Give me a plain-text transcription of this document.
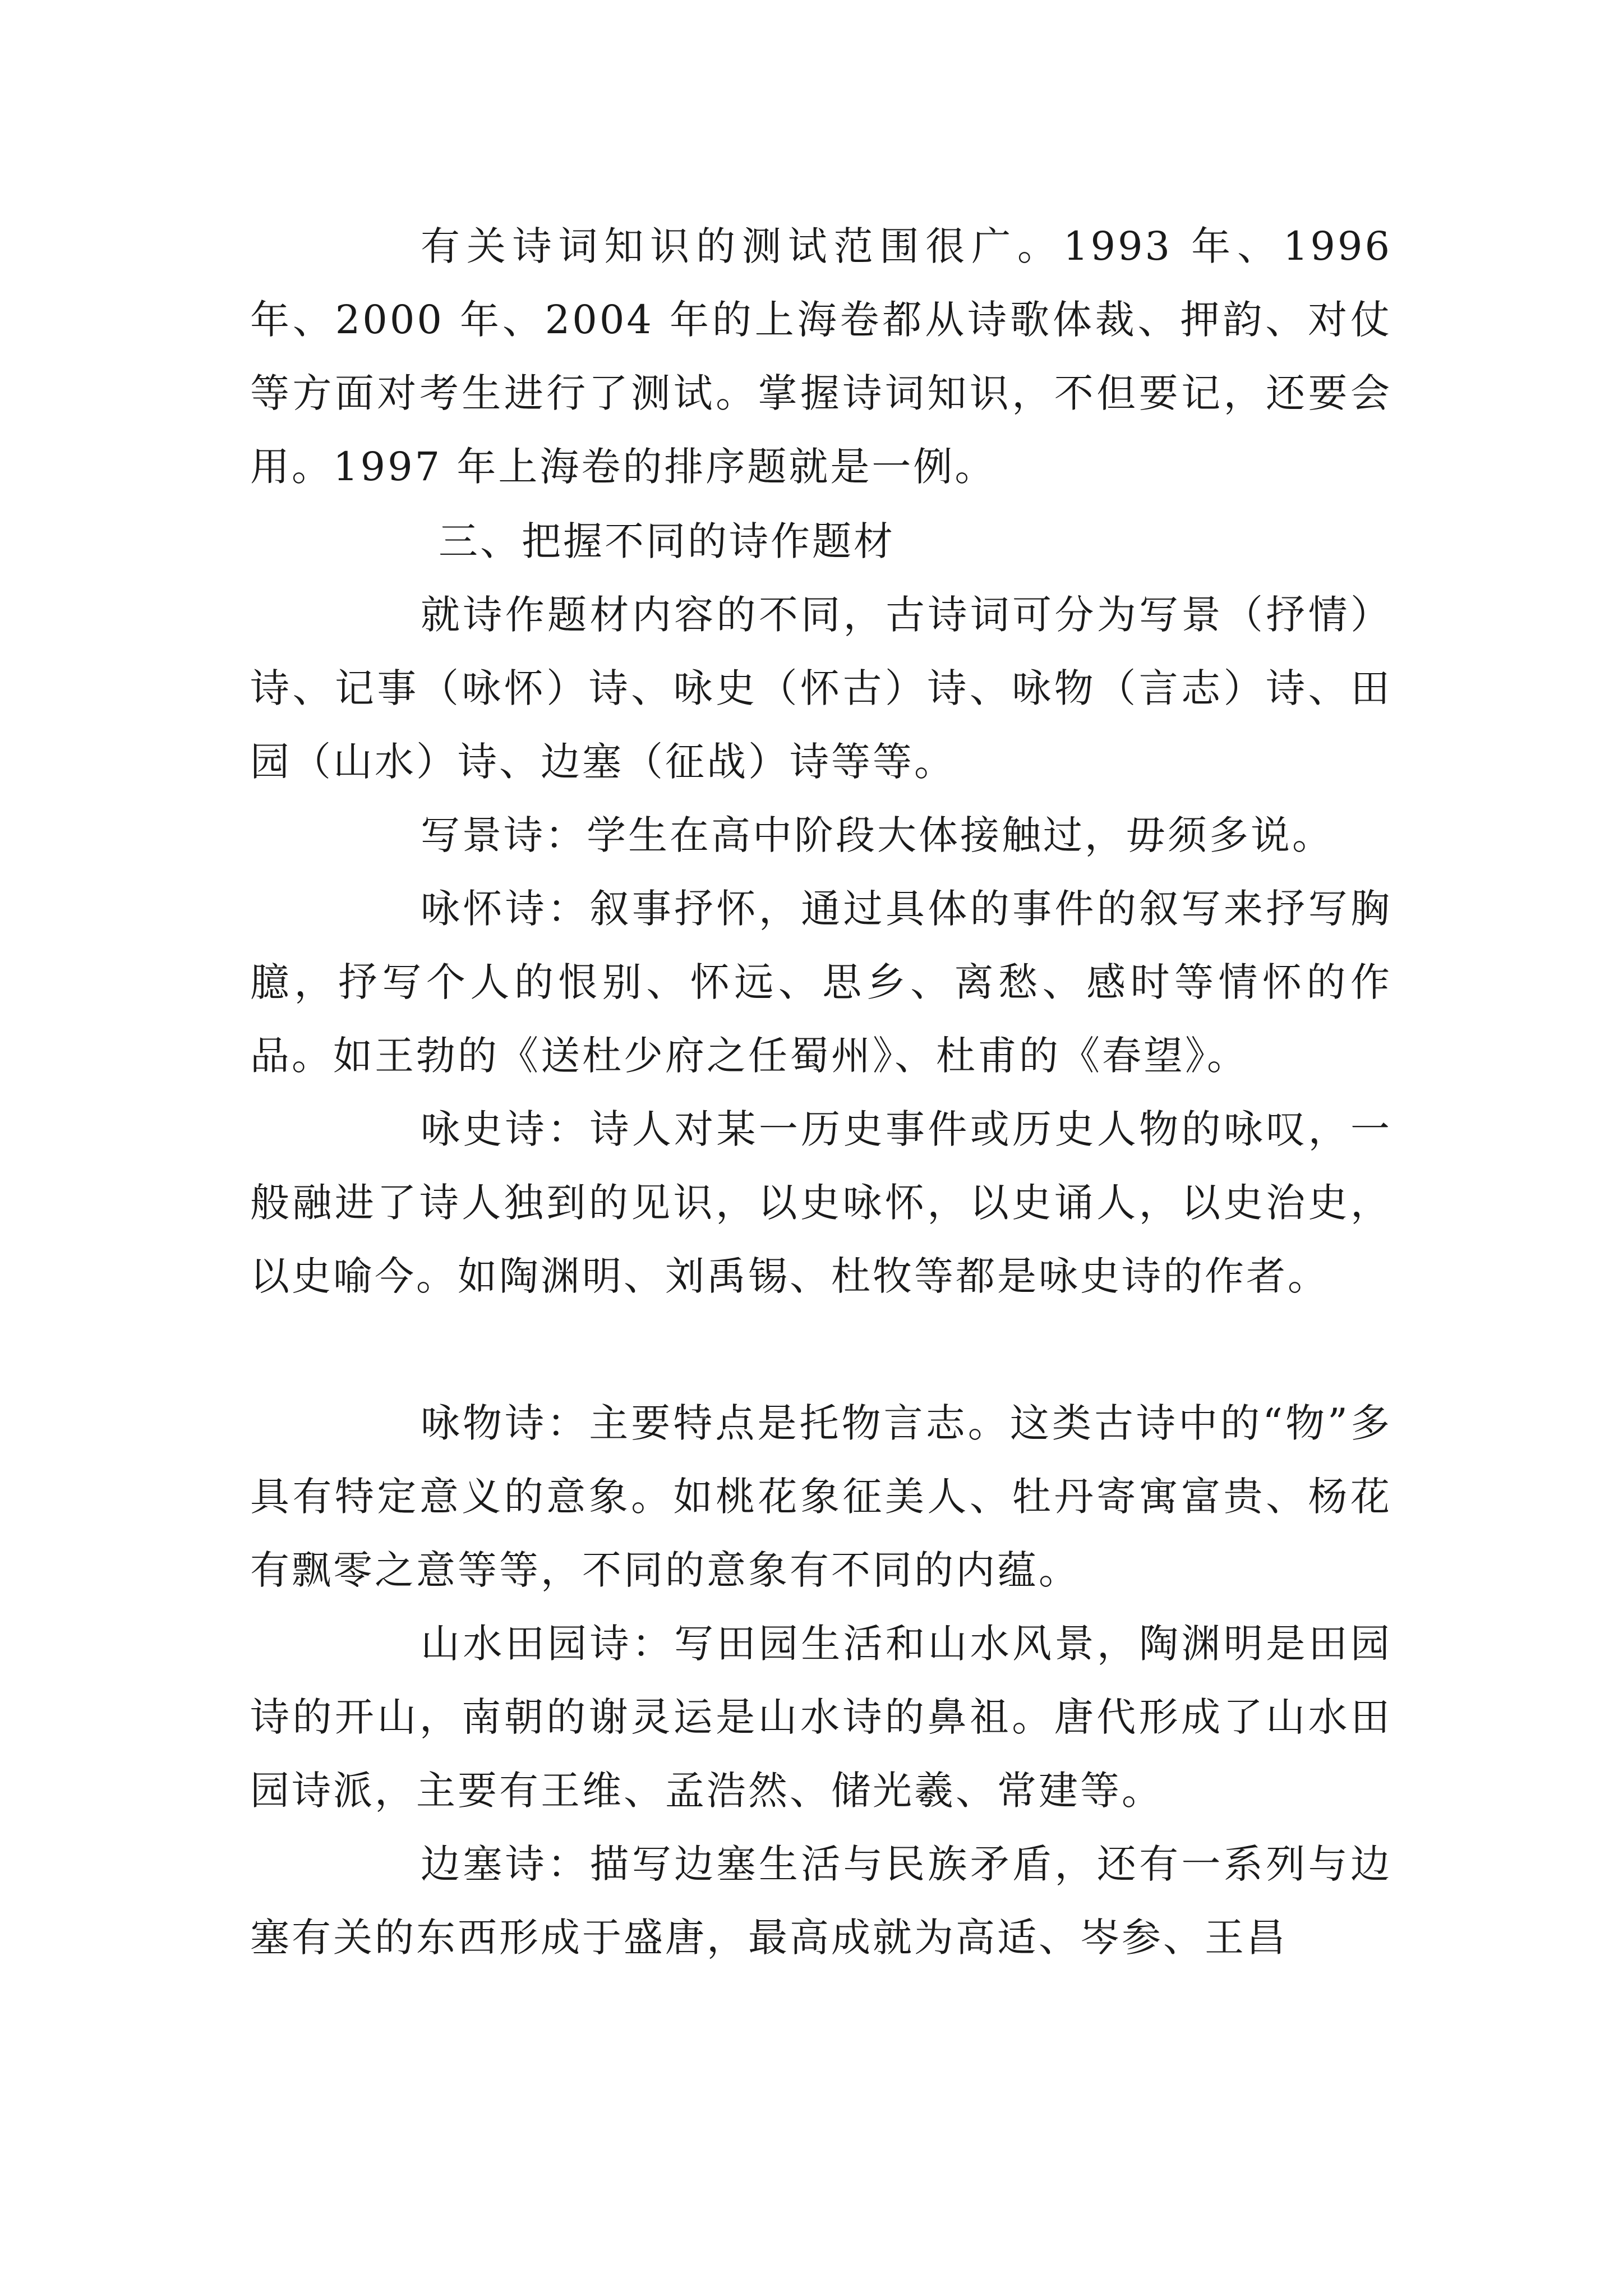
有关诗词知识的测试范围很广。1993 年、1996 年、2000 年、2004 年的上海卷都从诗歌体裁、押韵、对仗等方面对考生进行了测试。掌握诗词知识，不但要记，还要会用。1997 年上海卷的排序题就是一例。

三、把握不同的诗作题材

就诗作题材内容的不同，古诗词可分为写景（抒情）诗、记事（咏怀）诗、咏史（怀古）诗、咏物（言志）诗、田园（山水）诗、边塞（征战）诗等等。

写景诗：学生在高中阶段大体接触过，毋须多说。

咏怀诗：叙事抒怀，通过具体的事件的叙写来抒写胸臆，抒写个人的恨别、怀远、思乡、离愁、感时等情怀的作品。如王勃的《送杜少府之任蜀州》、杜甫的《春望》。

咏史诗：诗人对某一历史事件或历史人物的咏叹，一般融进了诗人独到的见识，以史咏怀，以史诵人，以史治史，以史喻今。如陶渊明、刘禹锡、杜牧等都是咏史诗的作者。

咏物诗：主要特点是托物言志。这类古诗中的“物”多具有特定意义的意象。如桃花象征美人、牡丹寄寓富贵、杨花有飘零之意等等，不同的意象有不同的内蕴。

山水田园诗：写田园生活和山水风景，陶渊明是田园诗的开山，南朝的谢灵运是山水诗的鼻祖。唐代形成了山水田园诗派，主要有王维、孟浩然、储光羲、常建等。

边塞诗：描写边塞生活与民族矛盾，还有一系列与边塞有关的东西形成于盛唐，最高成就为高适、岑参、王昌
